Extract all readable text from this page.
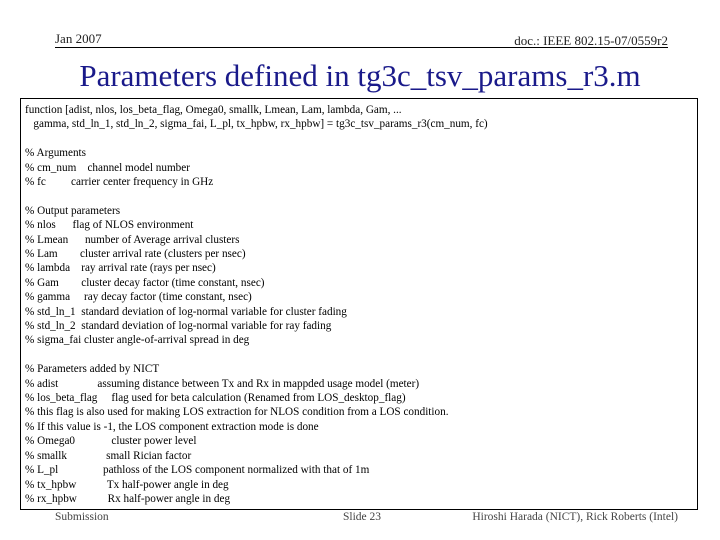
Jan 2007	doc.: IEEE 802.15-07/0559r2
Parameters defined in tg3c_tsv_params_r3.m
function [adist, nlos, los_beta_flag, Omega0, smallk, Lmean, Lam, lambda, Gam, ...
gamma, std_ln_1, std_ln_2, sigma_fai, L_pl, tx_hpbw, rx_hpbw] = tg3c_tsv_params_r3(cm_num, fc)
% Arguments
% cm_num    channel model number
% fc         carrier center frequency in GHz
% Output parameters
% nlos      flag of NLOS environment
% Lmean      number of Average arrival clusters
% Lam        cluster arrival rate (clusters per nsec)
% lambda    ray arrival rate (rays per nsec)
% Gam        cluster decay factor (time constant, nsec)
% gamma     ray decay factor (time constant, nsec)
% std_ln_1  standard deviation of log-normal variable for cluster fading
% std_ln_2  standard deviation of log-normal variable for ray fading
% sigma_fai cluster angle-of-arrival spread in deg
% Parameters added by NICT
% adist              assuming distance between Tx and Rx in mappded usage model (meter)
% los_beta_flag     flag used for beta calculation (Renamed from LOS_desktop_flag)
% this flag is also used for making LOS extraction for NLOS condition from a LOS condition.
% If this value is -1, the LOS component extraction mode is done
% Omega0             cluster power level
% smallk              small Rician factor
% L_pl                pathloss of the LOS component normalized with that of 1m
% tx_hpbw           Tx half-power angle in deg
% rx_hpbw           Rx half-power angle in deg
Submission	Slide 23	Hiroshi Harada (NICT), Rick Roberts (Intel)
